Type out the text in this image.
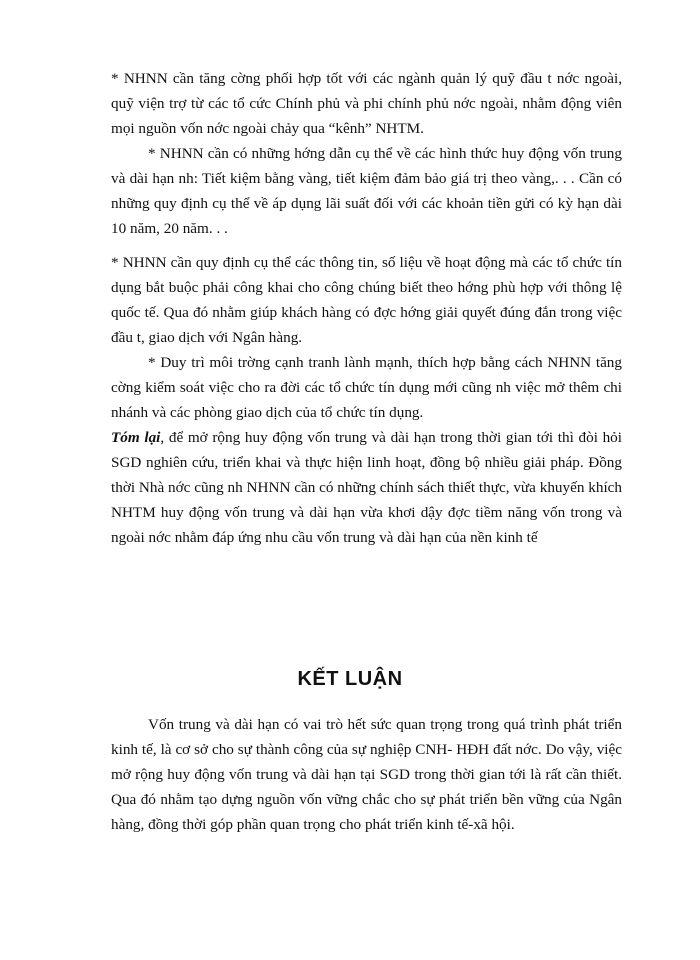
* NHNN cần tăng cờng phối hợp tốt với các ngành quản lý quỹ đầu t nớc ngoài, quỹ viện trợ từ các tổ cức Chính phủ và phi chính phủ nớc ngoài, nhằm động viên mọi nguồn vốn nớc ngoài chảy qua “kênh” NHTM.

* NHNN cần có những hớng dẫn cụ thể về các hình thức huy động vốn trung và dài hạn nh: Tiết kiệm bằng vàng, tiết kiệm đảm bảo giá trị theo vàng,. . . Cần có những quy định cụ thể về áp dụng lãi suất đối với các khoản tiền gửi có kỳ hạn dài 10 năm, 20 năm. . .

* NHNN cần quy định cụ thể các thông tin, số liệu về hoạt động mà các tổ chức tín dụng bắt buộc phải công khai cho công chúng biết theo hớng phù hợp với thông lệ quốc tế. Qua đó nhằm giúp khách hàng có đợc hớng giải quyết đúng đắn trong việc đầu t, giao dịch với Ngân hàng.

* Duy trì môi trờng cạnh tranh lành mạnh, thích hợp bằng cách NHNN tăng cờng kiểm soát việc cho ra đời các tổ chức tín dụng mới cũng nh việc mở thêm chi nhánh và các phòng giao dịch của tổ chức tín dụng.

Tóm lại, để mở rộng huy động vốn trung và dài hạn trong thời gian tới thì đòi hỏi SGD nghiên cứu, triển khai và thực hiện linh hoạt, đồng bộ nhiều giải pháp. Đồng thời Nhà nớc cũng nh NHNN cần có những chính sách thiết thực, vừa khuyến khích NHTM huy động vốn trung và dài hạn vừa khơi dậy đợc tiềm năng vốn trong và ngoài nớc nhằm đáp ứng nhu cầu vốn trung và dài hạn của nền kinh tế

KẾT LUẬN

Vốn trung và dài hạn có vai trò hết sức quan trọng trong quá trình phát triển kinh tế, là cơ sở cho sự thành công của sự nghiệp CNH- HĐH đất nớc. Do vậy, việc mở rộng huy động vốn trung và dài hạn tại SGD trong thời gian tới là rất cần thiết. Qua đó nhằm tạo dựng nguồn vốn vững chắc cho sự phát triển bền vững của Ngân hàng, đồng thời góp phần quan trọng cho phát triển kinh tế-xã hội.
